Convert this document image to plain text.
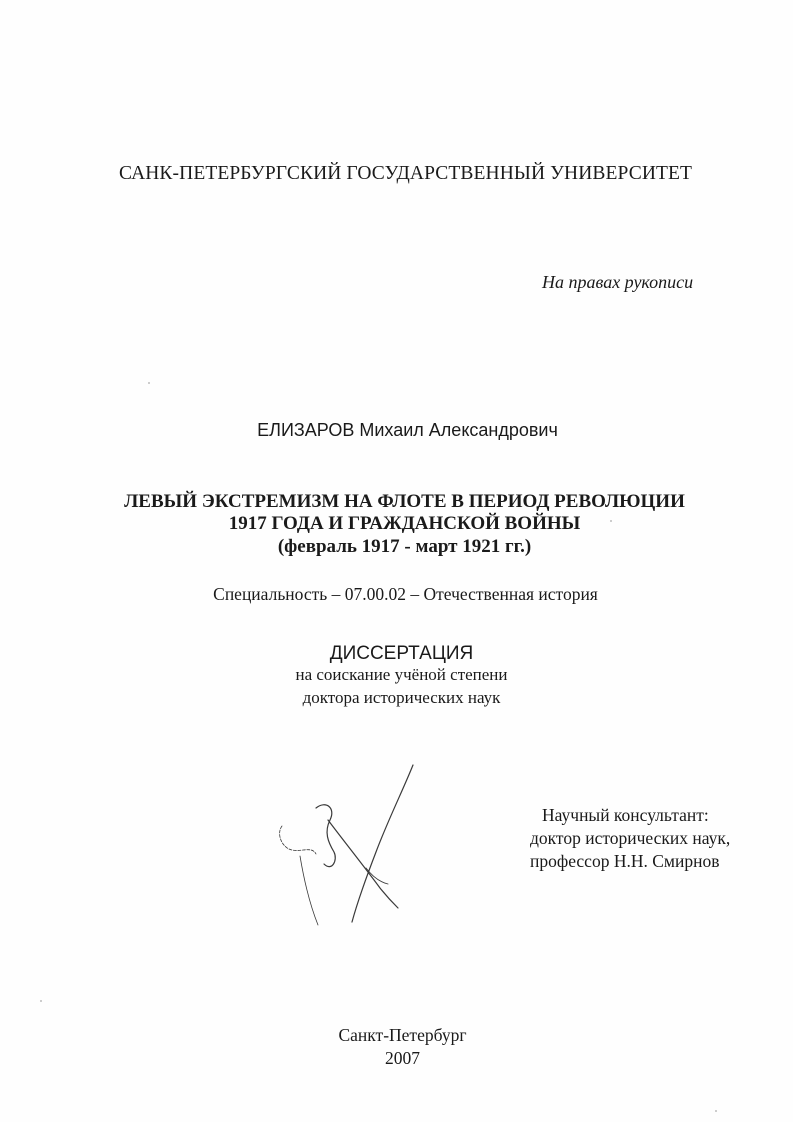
САНК-ПЕТЕРБУРГСКИЙ ГОСУДАРСТВЕННЫЙ УНИВЕРСИТЕТ
На правах рукописи
ЕЛИЗАРОВ Михаил Александрович
ЛЕВЫЙ ЭКСТРЕМИЗМ НА ФЛОТЕ В ПЕРИОД РЕВОЛЮЦИИ
1917 ГОДА И ГРАЖДАНСКОЙ ВОЙНЫ
(февраль 1917 - март 1921 гг.)
Специальность – 07.00.02 – Отечественная история
ДИССЕРТАЦИЯ
на соискание учёной степени
доктора исторических наук
Научный консультант:
доктор исторических наук,
профессор Н.Н. Смирнов
Санкт-Петербург
2007
